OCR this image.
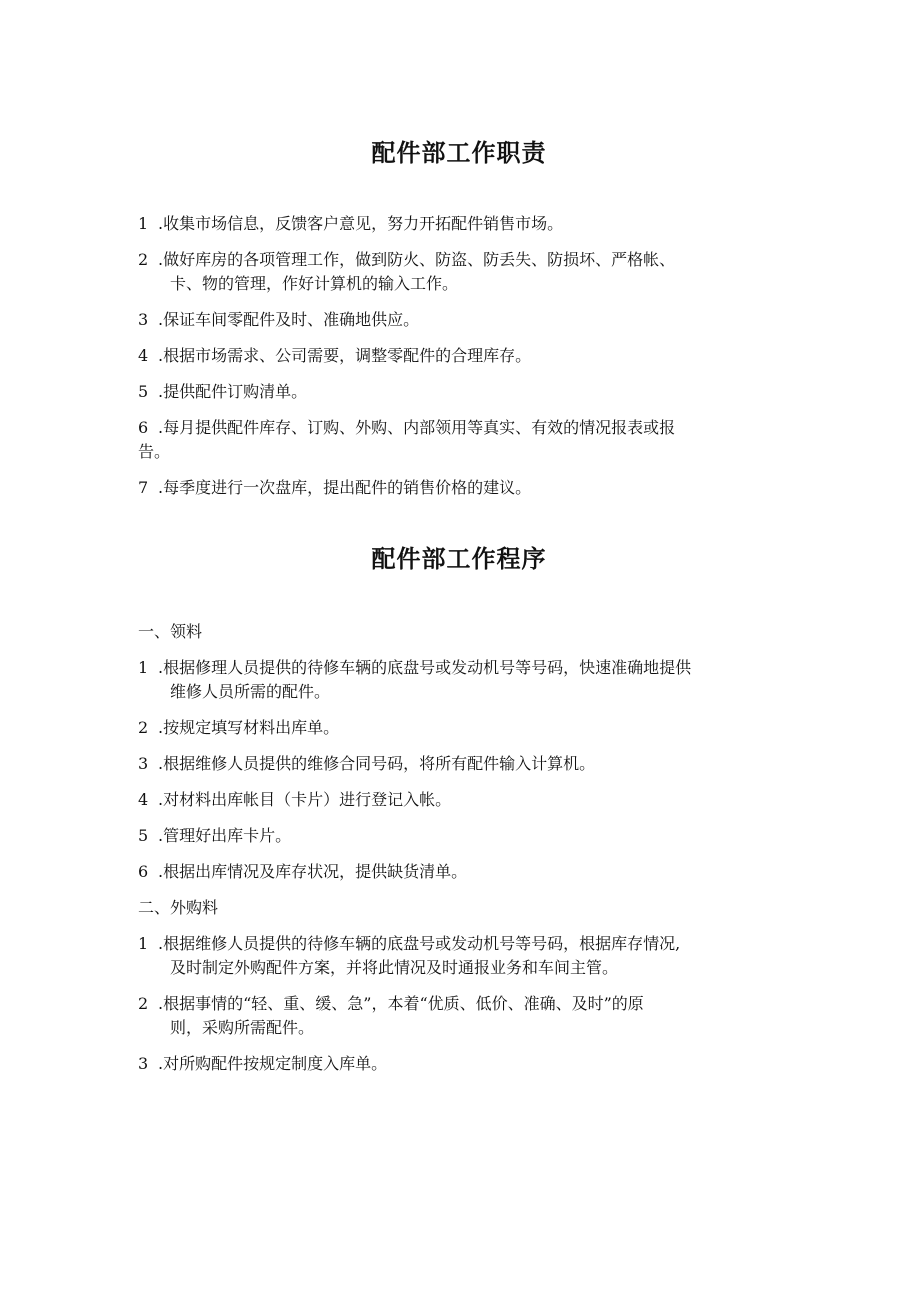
配件部工作职责
1 .收集市场信息，反馈客户意见，努力开拓配件销售市场。
2 .做好库房的各项管理工作，做到防火、防盗、防丢失、防损坏、严格帐、
卡、物的管理，作好计算机的输入工作。
3 .保证车间零配件及时、准确地供应。
4 .根据市场需求、公司需要，调整零配件的合理库存。
5 .提供配件订购清单。
6 .每月提供配件库存、订购、外购、内部领用等真实、有效的情况报表或报
告。
7 .每季度进行一次盘库，提出配件的销售价格的建议。
配件部工作程序
一、领料
1 .根据修理人员提供的待修车辆的底盘号或发动机号等号码，快速准确地提供
维修人员所需的配件。
2 .按规定填写材料出库单。
3 .根据维修人员提供的维修合同号码，将所有配件输入计算机。
4 .对材料出库帐目（卡片）进行登记入帐。
5 .管理好出库卡片。
6 .根据出库情况及库存状况，提供缺货清单。
二、外购料
1 .根据维修人员提供的待修车辆的底盘号或发动机号等号码，根据库存情况,
及时制定外购配件方案，并将此情况及时通报业务和车间主管。
2 .根据事情的“轻、重、缓、急”，本着“优质、低价、准确、及时”的原
则，采购所需配件。
3 .对所购配件按规定制度入库单。
